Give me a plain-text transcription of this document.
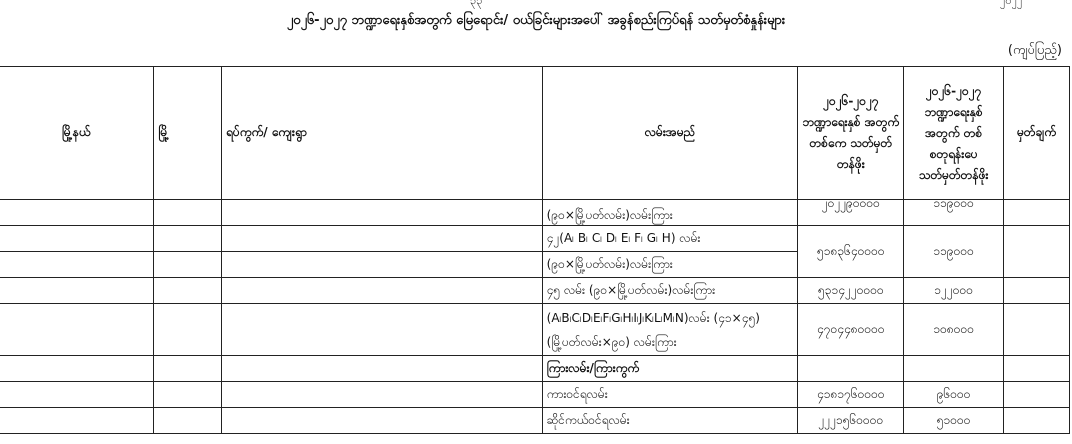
၃၃	၂၀၂၂
၂၀၂၆-၂၀၂၇ ဘဏ္ဍာရေးနှစ်အတွက် မြေရောင်း/ ဝယ်ခြင်းများအပေါ် အခွန်စည်းကြပ်ရန် သတ်မှတ်စံနှုန်းများ
(ကျပ်ပြည့်)
မြို့နယ်	မြို့	ရပ်ကွက်/ ကျေးရွာ	လမ်းအမည်	၂၀၂၆-၂၀၂၇ ဘဏ္ဍာရေးနှစ် အတွက် တစ်ကေ သတ်မှတ်တန်ဖိုး	၂၀၂၆-၂၀၂၇ ဘဏ္ဍာရေးနှစ် အတွက် တစ်စတုရန်းပေ သတ်မှတ်တန်ဖိုး	မှတ်ချက်
			(၉၀×မြို့ပတ်လမ်း)လမ်းကြား	၂၀၂၂၉၀၀၀၀	၁၁၉၀၀၀	
			၄၂(A၊ B၊ C၊ D၊ E၊ F၊ G၊ H) လမ်း	၅၁၈၃၆၄၀၀၀၀	၁၁၉၀၀၀	
			(၉၀×မြို့ပတ်လမ်း)လမ်းကြား			
			၄၅ လမ်း (၉၀×မြို့ပတ်လမ်း)လမ်းကြား	၅၃၁၄၂၂၀၀၀၀	၁၂၂၀၀၀	

			(A၊B၊C၊D၊E၊F၊G၊H၊I၊J၊K၊L၊M၊N)လမ်း (၄၁×၄၅)
(မြို့ပတ်လမ်း×၉၀) လမ်းကြား	၄၇၀၄၄၈၀၀၀၀	၁၀၈၀၀၀	
			ကြားလမ်း/ကြားကွက်			
			ကားဝင်ရလမ်း	၄၁၈၁၇၆၀၀၀၀	၉၆၀၀၀	
			ဆိုင်ကယ်ဝင်ရလမ်း	၂၂၂၁၅၆၀၀၀၀	၅၁၀၀၀	
